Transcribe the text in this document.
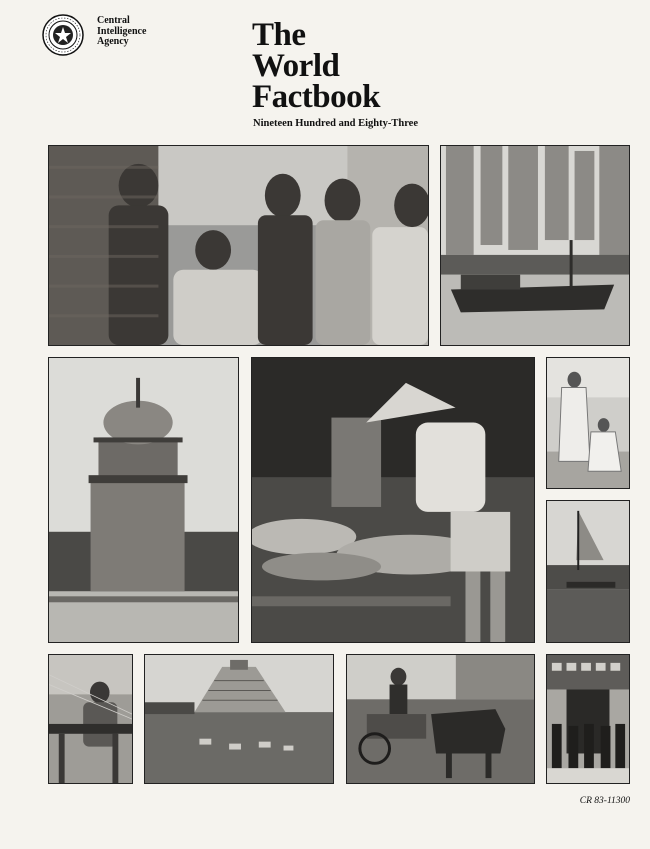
Central
Intelligence
Agency	The
World
Factbook
Nineteen Hundred and Eighty-Three
CR 83-11300
